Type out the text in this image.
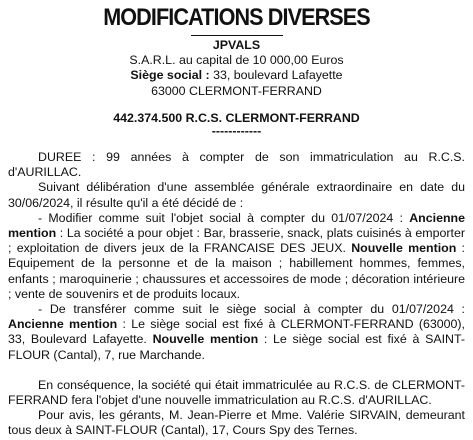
MODIFICATIONS DIVERSES
JPVALS
S.A.R.L. au capital de 10 000,00 Euros
Siège social : 33, boulevard Lafayette
63000 CLERMONT-FERRAND
442.374.500 R.C.S. CLERMONT-FERRAND
------------

DUREE : 99 années à compter de son immatriculation au R.C.S. d'AURILLAC.

Suivant délibération d'une assemblée générale extraordinaire en date du 30/06/2024, il résulte qu'il a été décidé de :

- Modifier comme suit l'objet social à compter du 01/07/2024 : Ancienne mention : La société a pour objet : Bar, brasserie, snack, plats cuisinés à emporter ; exploitation de divers jeux de la FRANCAISE DES JEUX. Nouvelle mention : Equipement de la personne et de la maison ; habillement hommes, femmes, enfants ; maroquinerie ; chaussures et accessoires de mode ; décoration intérieure ; vente de souvenirs et de produits locaux.

- De transférer comme suit le siège social à compter du 01/07/2024 : Ancienne mention : Le siège social est fixé à CLERMONT-FERRAND (63000), 33, Boulevard Lafayette. Nouvelle mention : Le siège social est fixé à SAINT-FLOUR (Cantal), 7, rue Marchande.

En conséquence, la société qui était immatriculée au R.C.S. de CLERMONT-FERRAND fera l'objet d'une nouvelle immatriculation au R.C.S. d'AURILLAC.

Pour avis, les gérants, M. Jean-Pierre et Mme. Valérie SIRVAIN, demeurant tous deux à SAINT-FLOUR (Cantal), 17, Cours Spy des Ternes.
